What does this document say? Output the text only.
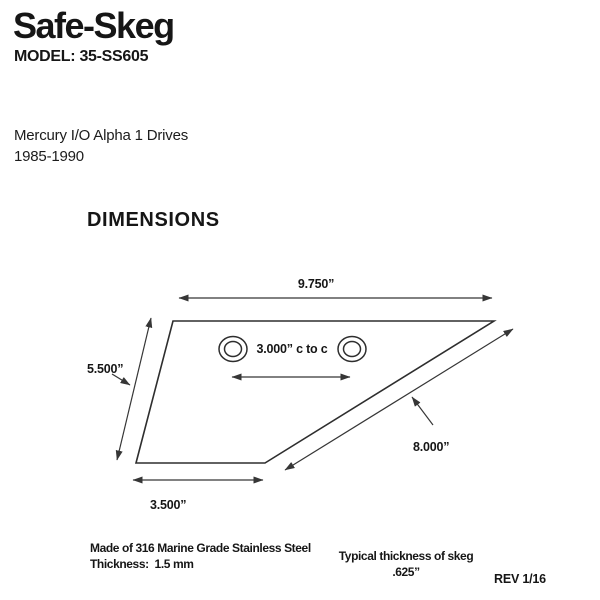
Safe-Skeg
MODEL: 35-SS605
Mercury I/O Alpha 1 Drives
1985-1990
DIMENSIONS
9.750”
5.500”
3.000” c to c
8.000”
3.500”
Made of 316 Marine Grade Stainless Steel
Thickness:  1.5 mm
Typical thickness of skeg
.625”
REV 1/16
